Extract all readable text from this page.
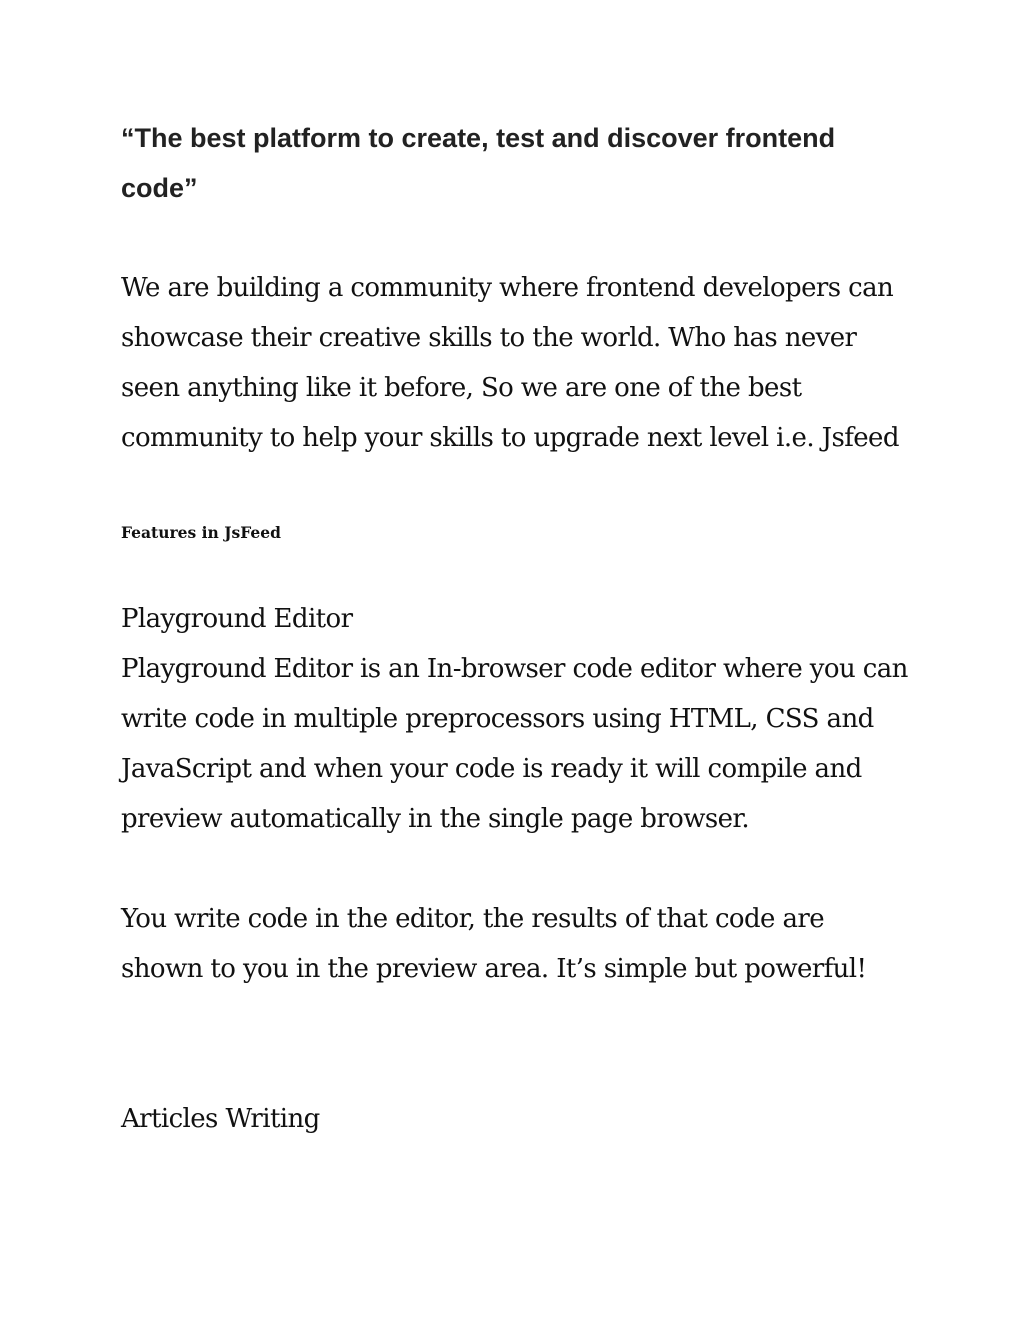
“The best platform to create, test and discover frontend code”

We are building a community where frontend developers can showcase their creative skills to the world. Who has never seen anything like it before, So we are one of the best community to help your skills to upgrade next level i.e. Jsfeed

Features in JsFeed

Playground Editor

Playground Editor is an In-browser code editor where you can write code in multiple preprocessors using HTML, CSS and JavaScript and when your code is ready it will compile and preview automatically in the single page browser.

You write code in the editor, the results of that code are shown to you in the preview area. It’s simple but powerful!

Articles Writing
